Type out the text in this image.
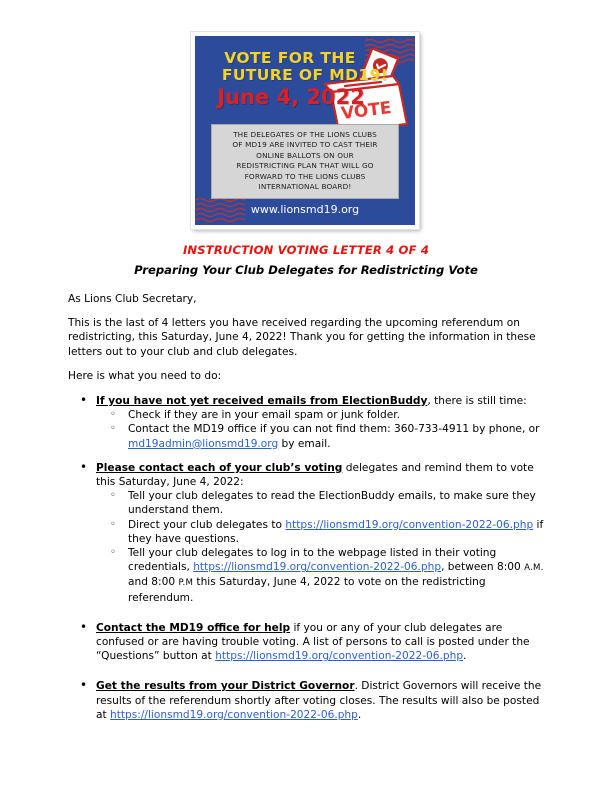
VOTE
VOTE FOR THE
FUTURE OF MD19!
June 4, 2022
THE DELEGATES OF THE LIONS CLUBS
OF MD19 ARE INVITED TO CAST THEIR
ONLINE BALLOTS ON OUR
REDISTRICTING PLAN THAT WILL GO
FORWARD TO THE LIONS CLUBS
INTERNATIONAL BOARD!
www.lionsmd19.org
INSTRUCTION VOTING LETTER 4 OF 4
Preparing Your Club Delegates for Redistricting Vote

As Lions Club Secretary,

This is the last of 4 letters you have received regarding the upcoming referendum on redistricting, this Saturday, June 4, 2022! Thank you for getting the information in these letters out to your club and club delegates.

Here is what you need to do:

• If you have not yet received emails from ElectionBuddy, there is still time:
◦ Check if they are in your email spam or junk folder.
◦ Contact the MD19 office if you can not find them: 360-733-4911 by phone, or md19admin@lionsmd19.org by email.
• Please contact each of your club’s voting delegates and remind them to vote this Saturday, June 4, 2022:
◦ Tell your club delegates to read the ElectionBuddy emails, to make sure they understand them.
◦ Direct your club delegates to https://lionsmd19.org/convention-2022-06.php if they have questions.
◦ Tell your club delegates to log in to the webpage listed in their voting credentials, https://lionsmd19.org/convention-2022-06.php, between 8:00 A.M. and 8:00 P.M this Saturday, June 4, 2022 to vote on the redistricting referendum.
• Contact the MD19 office for help if you or any of your club delegates are confused or are having trouble voting. A list of persons to call is posted under the “Questions” button at https://lionsmd19.org/convention-2022-06.php.
• Get the results from your District Governor. District Governors will receive the results of the referendum shortly after voting closes. The results will also be posted at https://lionsmd19.org/convention-2022-06.php.
